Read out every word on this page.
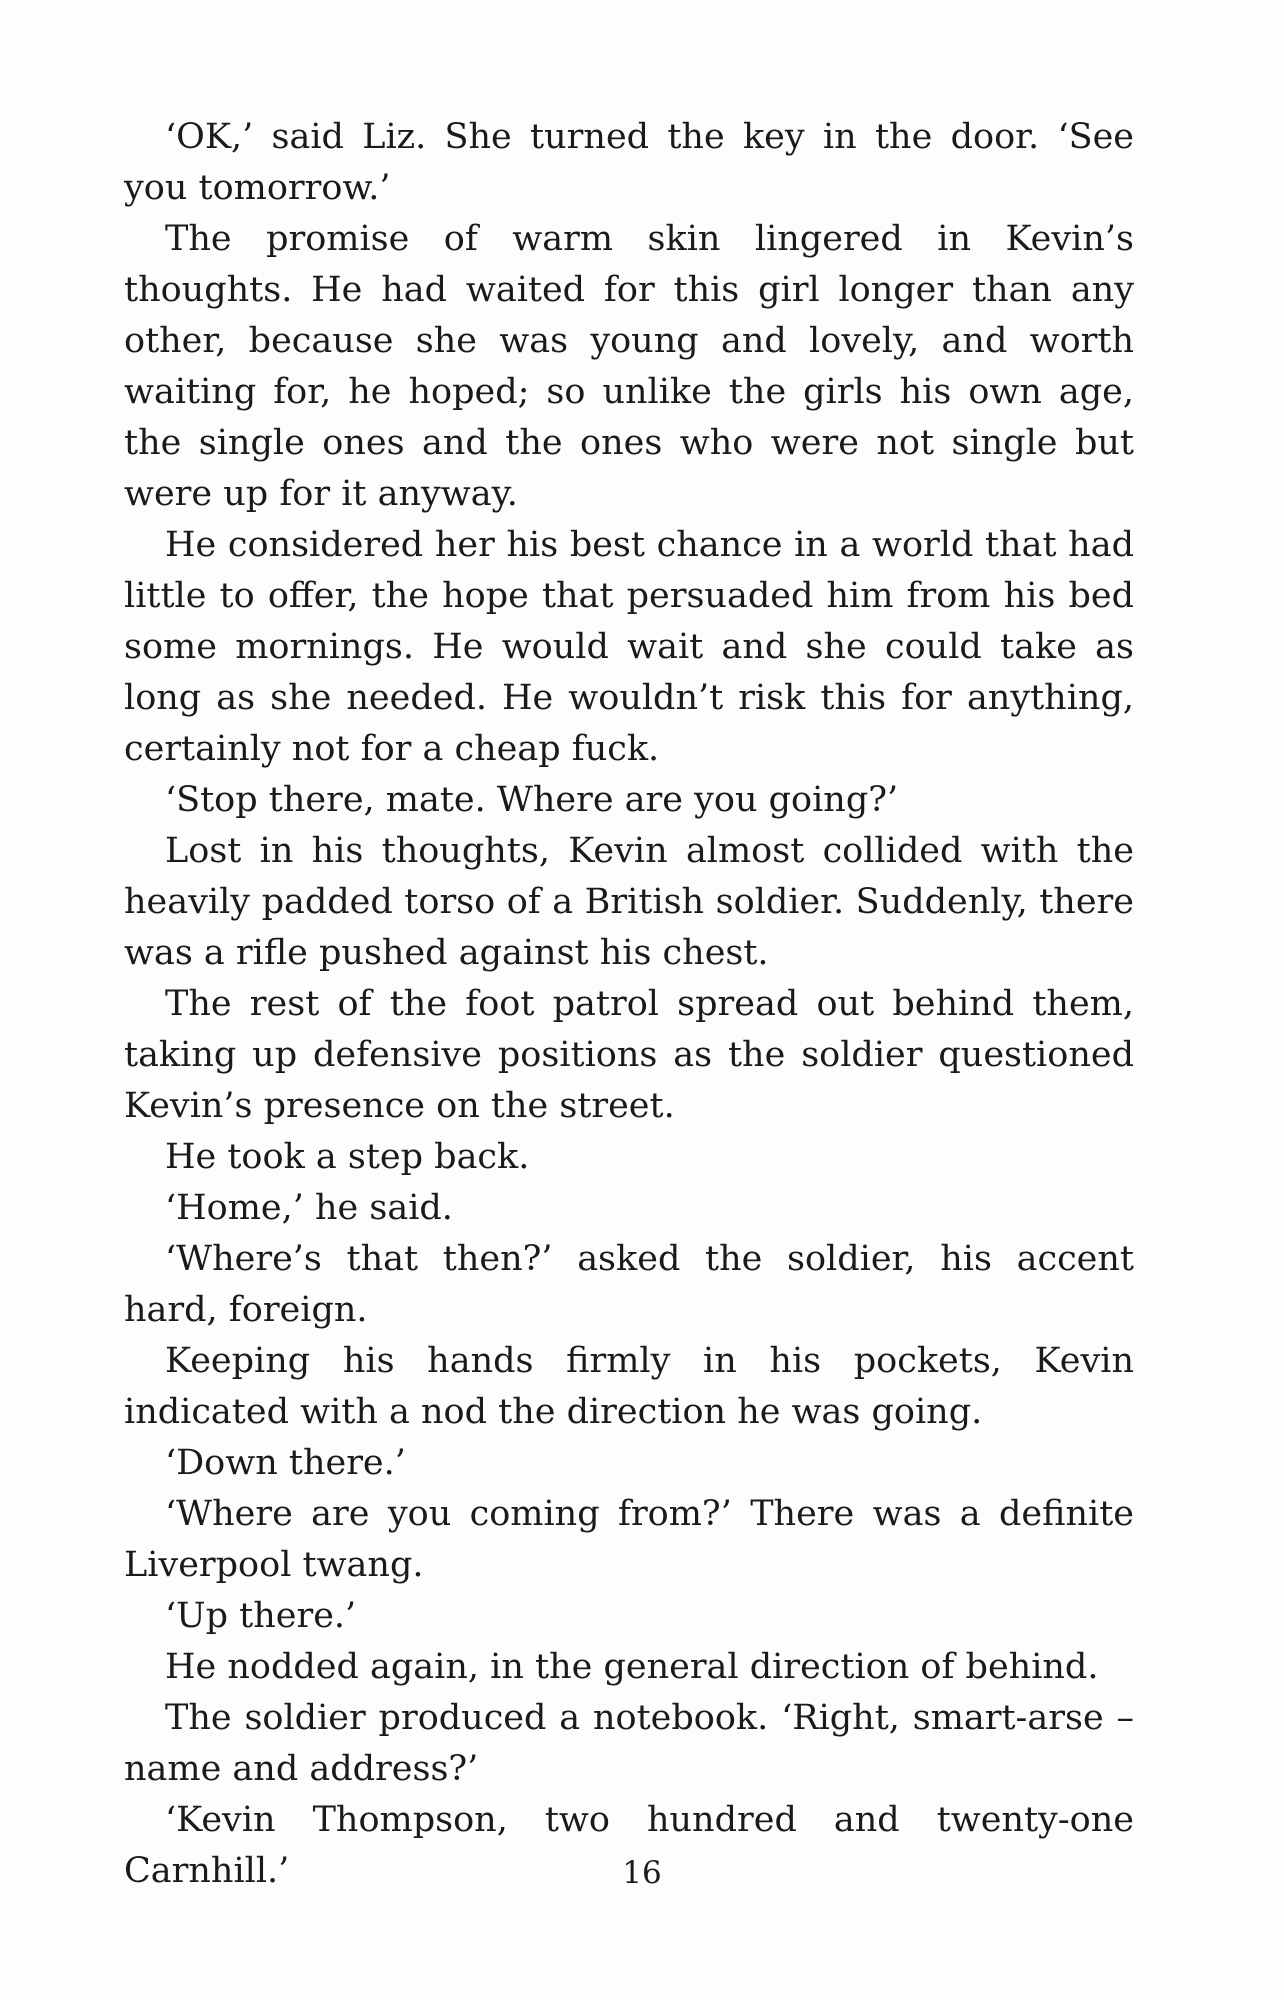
‘OK,’ said Liz. She turned the key in the door. ‘See you tomorrow.’

The promise of warm skin lingered in Kevin’s thoughts. He had waited for this girl longer than any other, because she was young and lovely, and worth waiting for, he hoped; so unlike the girls his own age, the single ones and the ones who were not single but were up for it anyway.

He considered her his best chance in a world that had little to offer, the hope that persuaded him from his bed some mornings. He would wait and she could take as long as she needed. He wouldn’t risk this for anything, certainly not for a cheap fuck.

‘Stop there, mate. Where are you going?’

Lost in his thoughts, Kevin almost collided with the heavily padded torso of a British soldier. Suddenly, there was a rifle pushed against his chest.

The rest of the foot patrol spread out behind them, taking up defensive positions as the soldier questioned Kevin’s presence on the street.

He took a step back.

‘Home,’ he said.

‘Where’s that then?’ asked the soldier, his accent hard, foreign.

Keeping his hands firmly in his pockets, Kevin indicated with a nod the direction he was going.

‘Down there.’

‘Where are you coming from?’ There was a definite Liverpool twang.

‘Up there.’

He nodded again, in the general direction of behind.

The soldier produced a notebook. ‘Right, smart-arse – name and address?’

‘Kevin Thompson, two hundred and twenty-one Carnhill.’	16
